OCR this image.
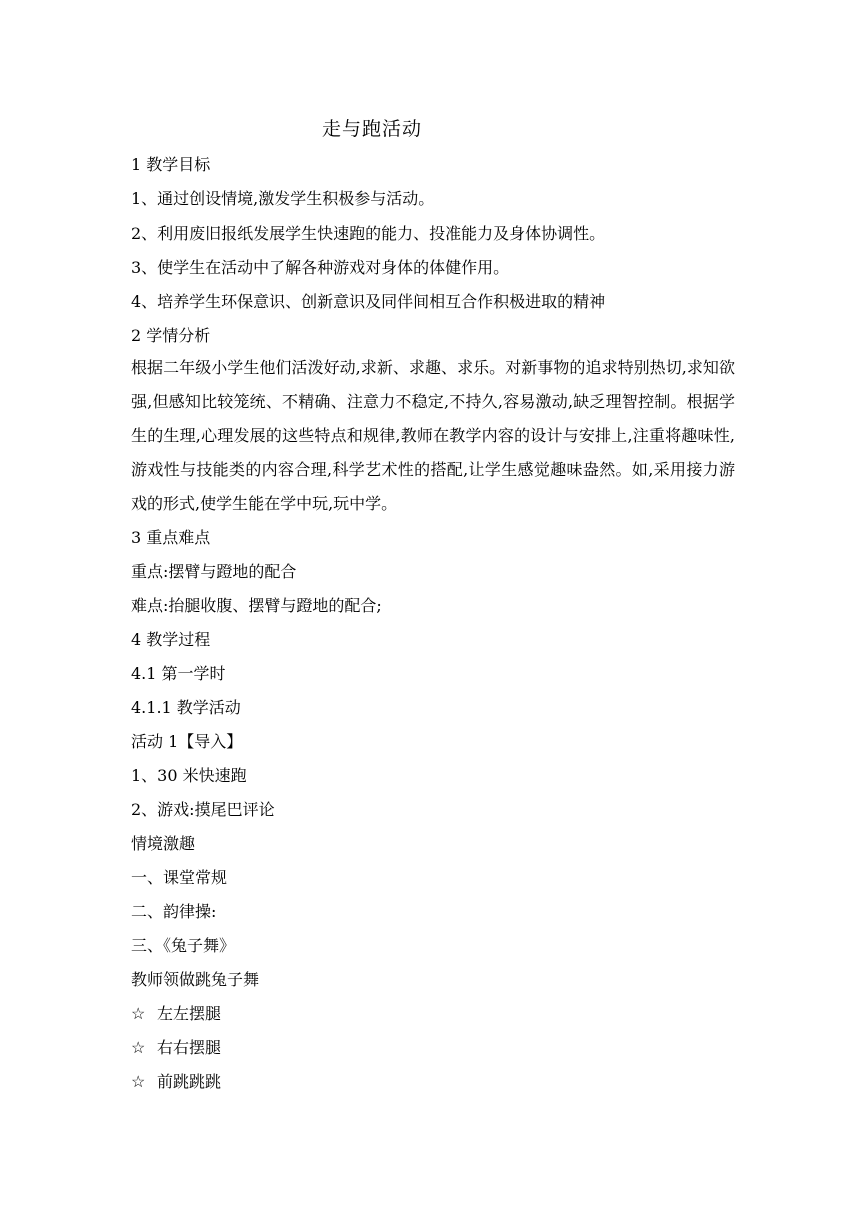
走与跑活动
1 教学目标
1、通过创设情境,激发学生积极参与活动。
2、利用废旧报纸发展学生快速跑的能力、投准能力及身体协调性。
3、使学生在活动中了解各种游戏对身体的体健作用。
4、培养学生环保意识、创新意识及同伴间相互合作积极进取的精神
2 学情分析
根据二年级小学生他们活泼好动,求新、求趣、求乐。对新事物的追求特别热切,求知欲强,但感知比较笼统、不精确、注意力不稳定,不持久,容易激动,缺乏理智控制。根据学生的生理,心理发展的这些特点和规律,教师在教学内容的设计与安排上,注重将趣味性,游戏性与技能类的内容合理,科学艺术性的搭配,让学生感觉趣味盎然。如,采用接力游戏的形式,使学生能在学中玩,玩中学。
3 重点难点
重点:摆臂与蹬地的配合
难点:抬腿收腹、摆臂与蹬地的配合;
4 教学过程
4.1 第一学时
4.1.1 教学活动
活动 1【导入】
1、30 米快速跑
2、游戏:摸尾巴评论
情境激趣
一、课堂常规
二、韵律操:
三、《兔子舞》
教师领做跳兔子舞
☆ 左左摆腿
☆ 右右摆腿
☆ 前跳跳跳
